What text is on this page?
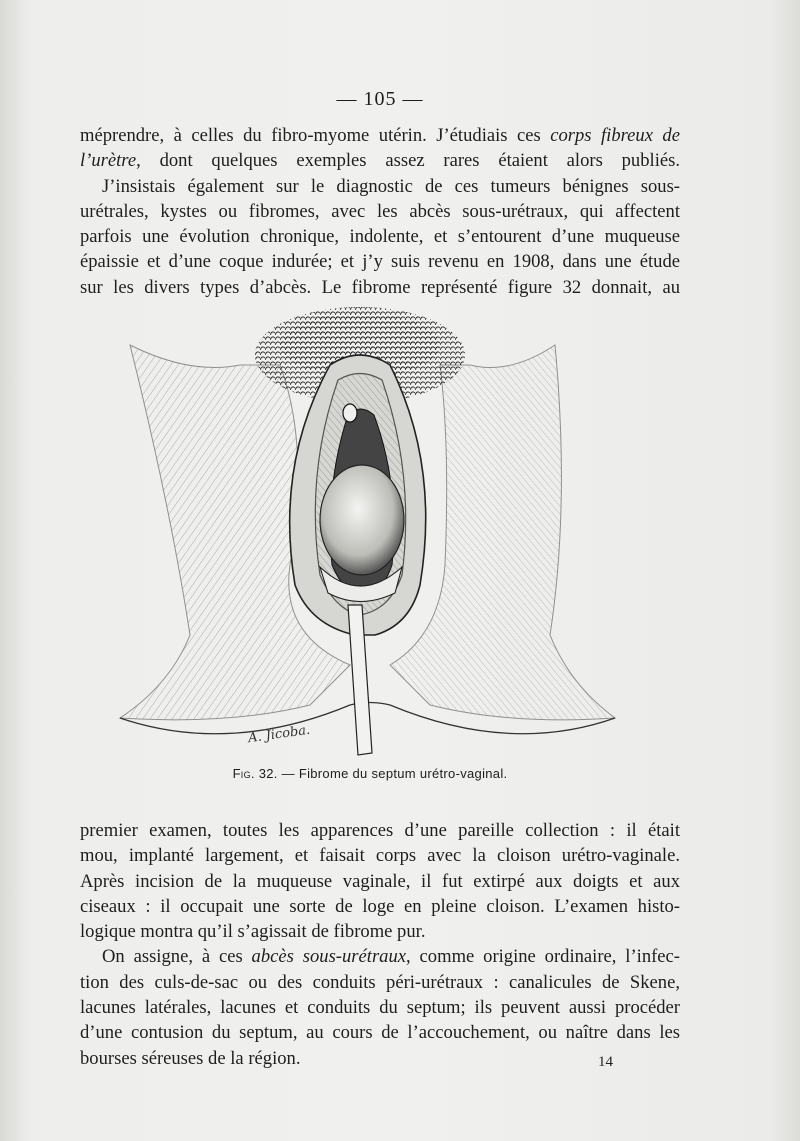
— 105 —

méprendre, à celles du fibro-myome utérin. J’étudiais ces corps fibreux de
l’urètre, dont quelques exemples assez rares étaient alors publiés.
J’insistais également sur le diagnostic de ces tumeurs bénignes sous-
urétrales, kystes ou fibromes, avec les abcès sous-urétraux, qui affectent
parfois une évolution chronique, indolente, et s’entourent d’une muqueuse
épaissie et d’une coque indurée; et j’y suis revenu en 1908, dans une étude
sur les divers types d’abcès. Le fibrome représenté figure 32 donnait, au

A. Jicoba.
Fig. 32. — Fibrome du septum urétro-vaginal.

premier examen, toutes les apparences d’une pareille collection : il était
mou, implanté largement, et faisait corps avec la cloison urétro-vaginale.
Après incision de la muqueuse vaginale, il fut extirpé aux doigts et aux
ciseaux : il occupait une sorte de loge en pleine cloison. L’examen histo-
logique montra qu’il s’agissait de fibrome pur.
On assigne, à ces abcès sous-urétraux, comme origine ordinaire, l’infec-
tion des culs-de-sac ou des conduits péri-urétraux : canalicules de Skene,
lacunes latérales, lacunes et conduits du septum; ils peuvent aussi procéder
d’une contusion du septum, au cours de l’accouchement, ou naître dans les
bourses séreuses de la région.	14
